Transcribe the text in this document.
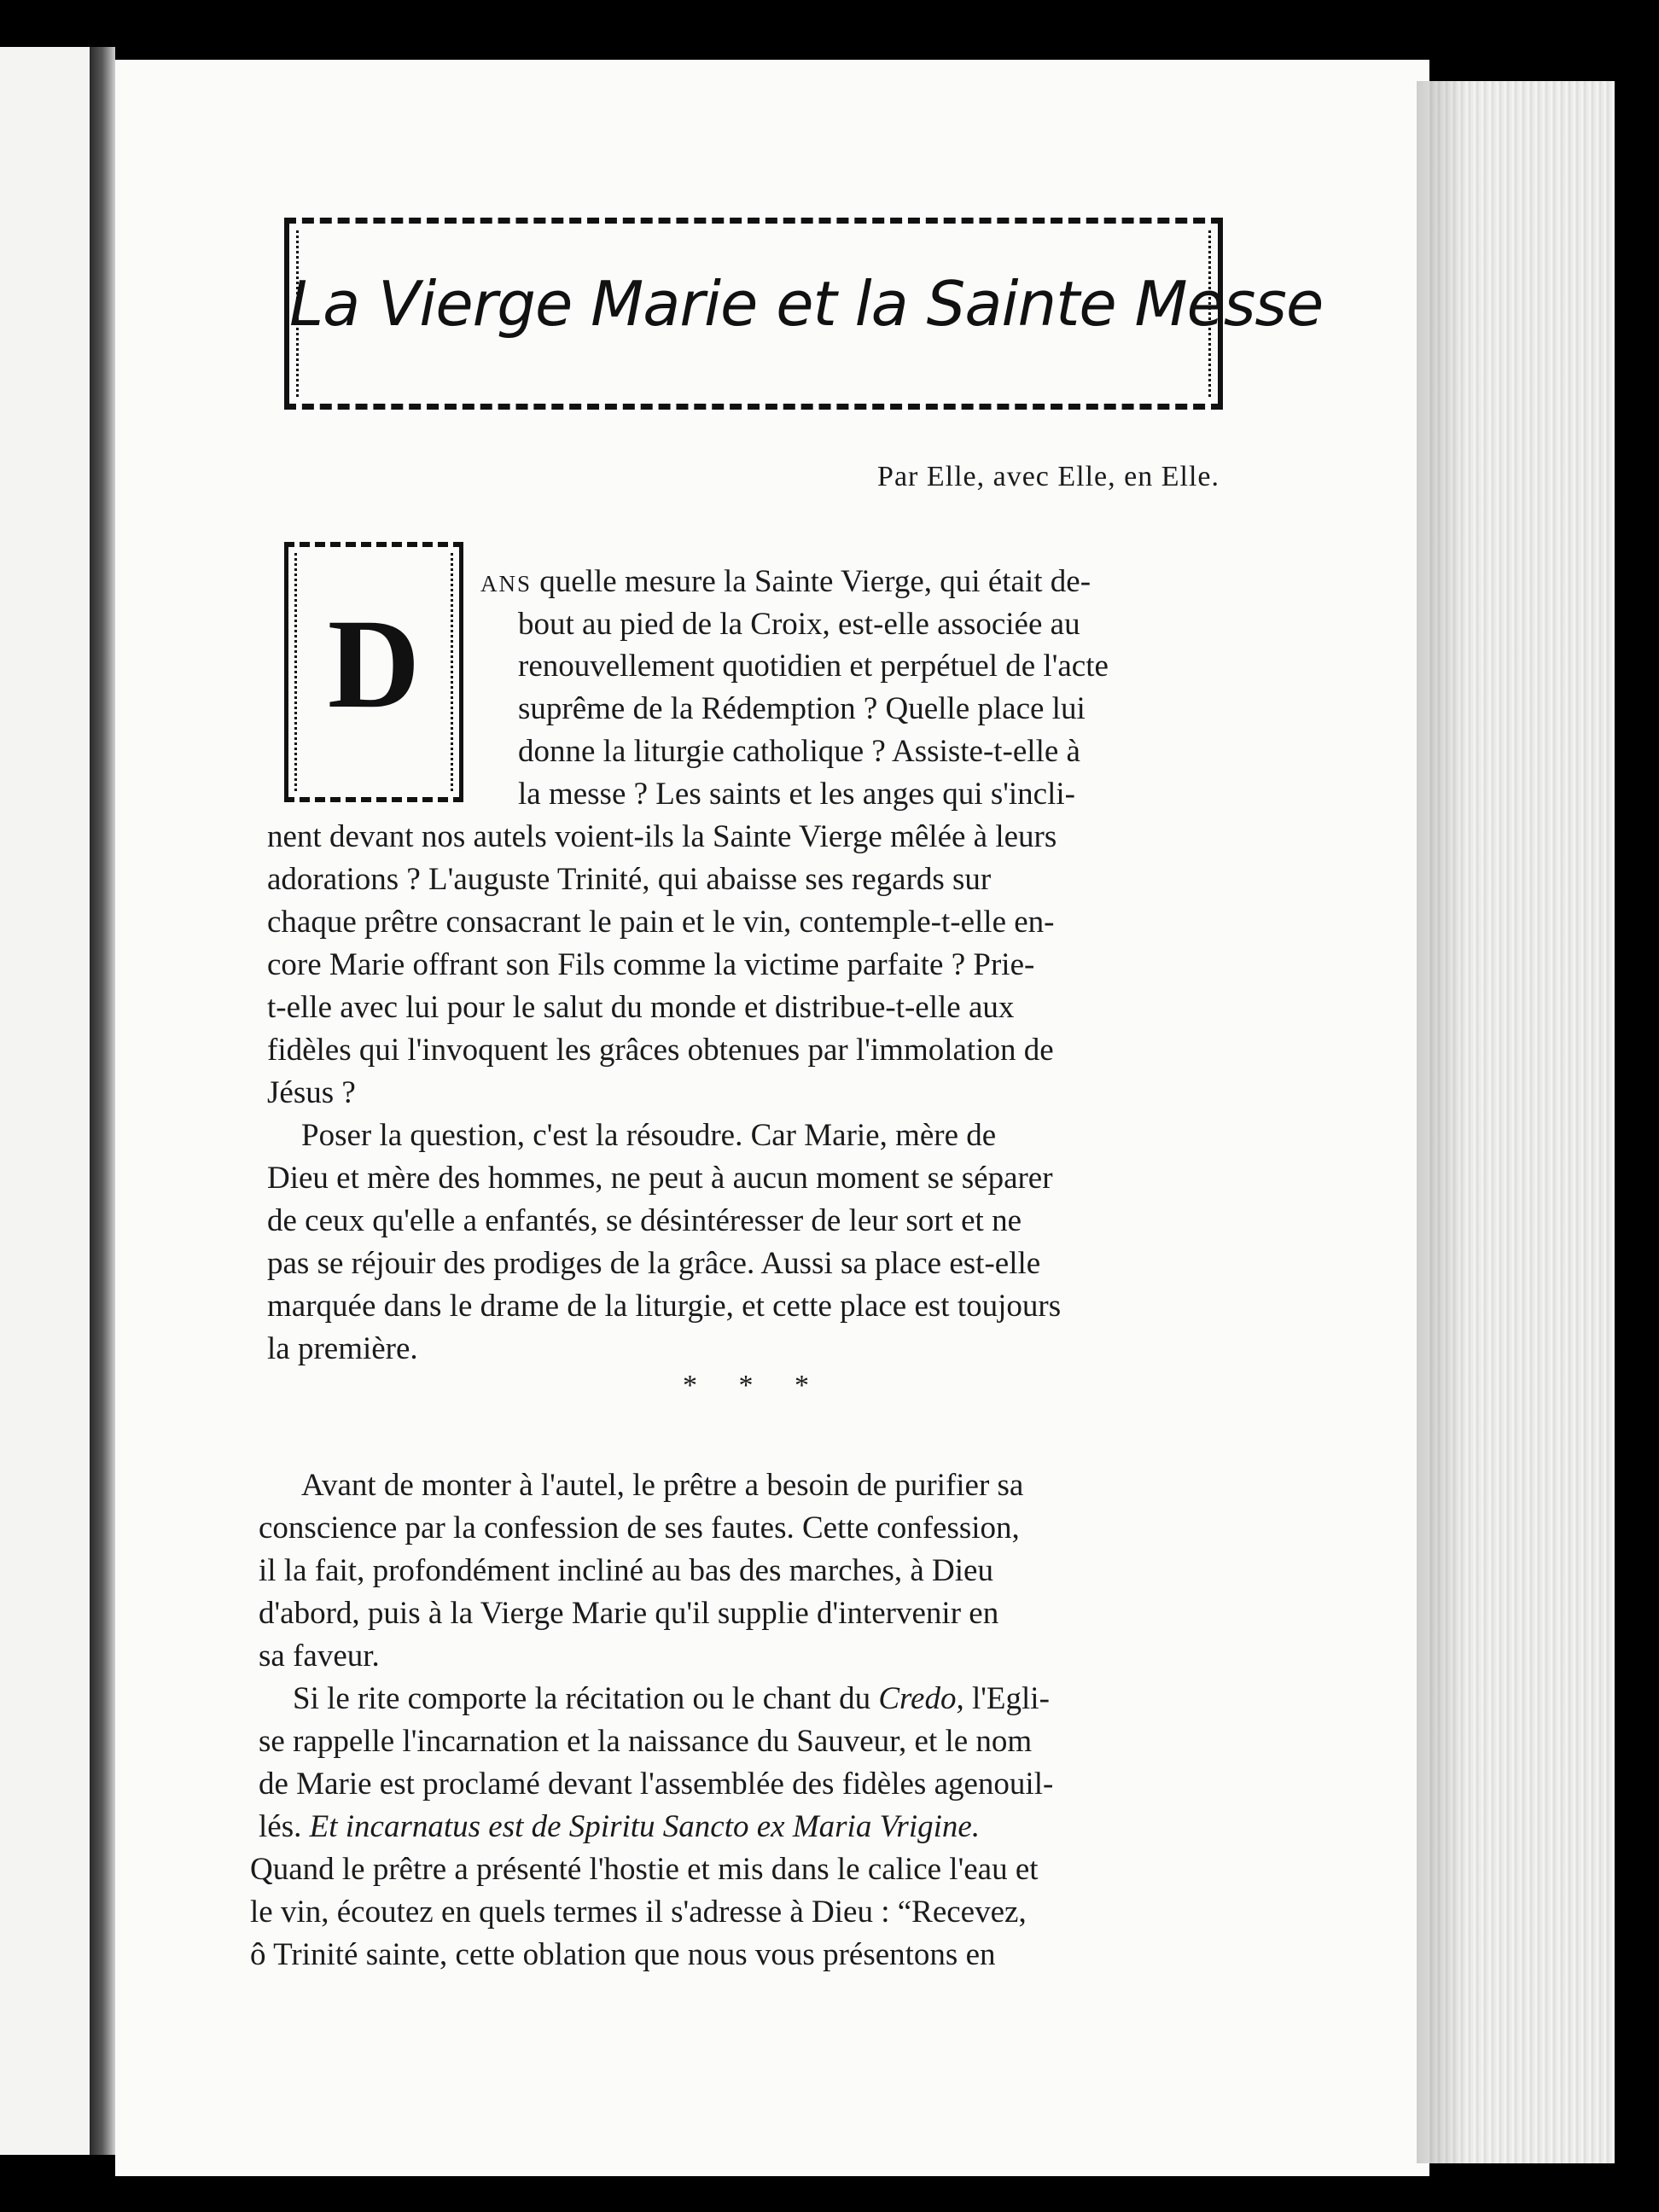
La Vierge Marie et la Sainte Messe
Par Elle, avec Elle, en Elle.
D
ANS quelle mesure la Sainte Vierge, qui était de-
bout au pied de la Croix, est-elle associée au
renouvellement quotidien et perpétuel de l'acte
suprême de la Rédemption ? Quelle place lui
donne la liturgie catholique ? Assiste-t-elle à
la messe ? Les saints et les anges qui s'incli-
nent devant nos autels voient-ils la Sainte Vierge mêlée à leurs
adorations ? L'auguste Trinité, qui abaisse ses regards sur
chaque prêtre consacrant le pain et le vin, contemple-t-elle en-
core Marie offrant son Fils comme la victime parfaite ? Prie-
t-elle avec lui pour le salut du monde et distribue-t-elle aux
fidèles qui l'invoquent les grâces obtenues par l'immolation de
Jésus ?
Poser la question, c'est la résoudre. Car Marie, mère de
Dieu et mère des hommes, ne peut à aucun moment se séparer
de ceux qu'elle a enfantés, se désintéresser de leur sort et ne
pas se réjouir des prodiges de la grâce. Aussi sa place est-elle
marquée dans le drame de la liturgie, et cette place est toujours
la première.
* * *
Avant de monter à l'autel, le prêtre a besoin de purifier sa
conscience par la confession de ses fautes. Cette confession,
il la fait, profondément incliné au bas des marches, à Dieu
d'abord, puis à la Vierge Marie qu'il supplie d'intervenir en
sa faveur.
Si le rite comporte la récitation ou le chant du Credo, l'Egli-
se rappelle l'incarnation et la naissance du Sauveur, et le nom
de Marie est proclamé devant l'assemblée des fidèles agenouil-
lés. Et incarnatus est de Spiritu Sancto ex Maria Vrigine.
Quand le prêtre a présenté l'hostie et mis dans le calice l'eau et
le vin, écoutez en quels termes il s'adresse à Dieu : “Recevez,
ô Trinité sainte, cette oblation que nous vous présentons en
